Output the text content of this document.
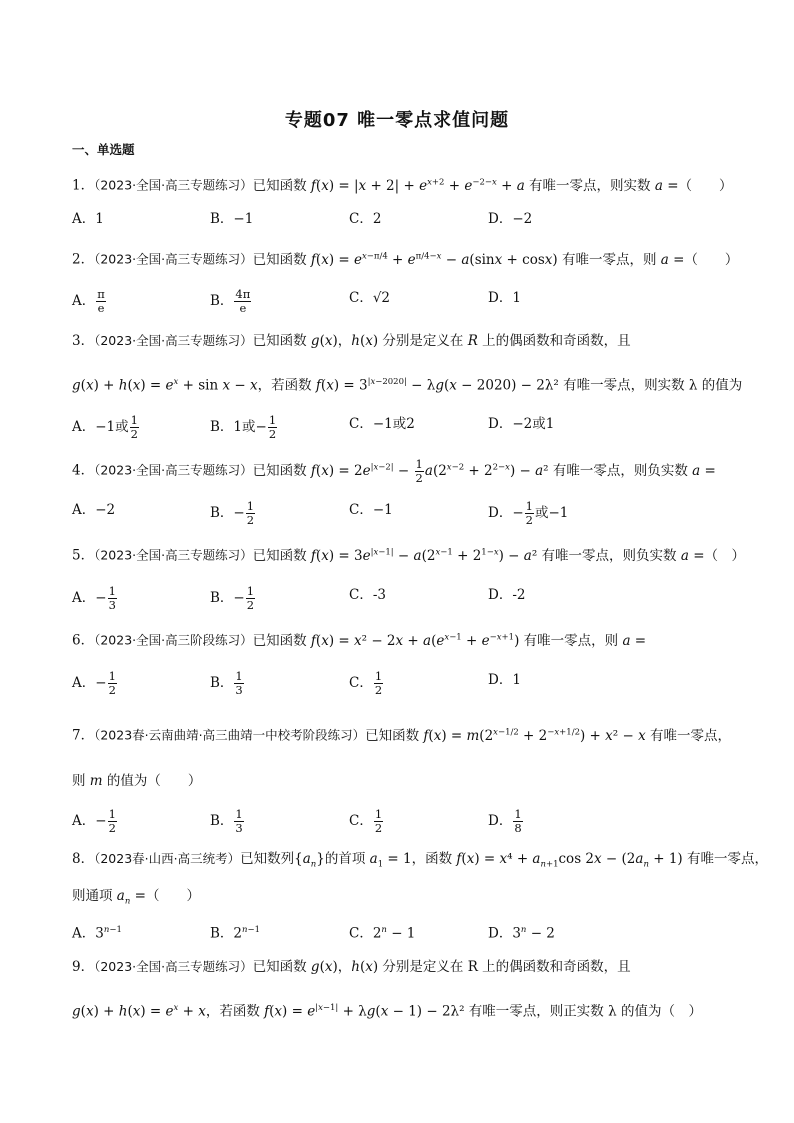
专题07 唯一零点求值问题
一、单选题
1．（2023·全国·高三专题练习）已知函数 $f(x) = |x + 2| + e^{x+2} + e^{-2-x} + a$ 有唯一零点，则实数 a =（　　）
A．1	B．−1	C．2	D．−2
2．（2023·全国·高三专题练习）已知函数 $f(x) = e^{x-\pi/4} + e^{\pi/4-x} - a(\sin x + \cos x)$ 有唯一零点，则 a =（　　）
A． $\frac{\pi}{e}$	B． $\frac{4\pi}{e}$	C．√2	D．1
3．（2023·全国·高三专题练习）已知函数 g(x)，h(x) 分别是定义在 R 上的偶函数和奇函数，且
$g(x) + h(x) = e^x + \sin x - x$，若函数 $f(x) = 3^{|x-2020|} - \lambda g(x - 2020) - 2\lambda^2$ 有唯一零点，则实数 λ 的值为
A．−1或 $\frac{1}{2}$	B．1或− $\frac{1}{2}$	C．−1或2	D．−2或1
4．（2023·全国·高三专题练习）已知函数 $f(x) = 2e^{|x-2|} - \frac{1}{2} a(2^{x-2} + 2^{2-x}) - a^2$ 有唯一零点，则负实数 a =
A．−2	B．− $\frac{1}{2}$	C．−1	D．− $\frac{1}{2}$ 或−1
5．（2023·全国·高三专题练习）已知函数 $f(x) = 3e^{|x-1|} - a(2^{x-1} + 2^{1-x}) - a^2$ 有唯一零点，则负实数 a =（　）
A．− $\frac{1}{3}$	B．− $\frac{1}{2}$	C．-3	D．-2
6．（2023·全国·高三阶段练习）已知函数 $f(x) = x^2 - 2x + a(e^{x-1} + e^{-x+1})$ 有唯一零点，则 a =
A．− $\frac{1}{2}$	B． $\frac{1}{3}$	C． $\frac{1}{2}$	D．1
7．（2023春·云南曲靖·高三曲靖一中校考阶段练习）已知函数 $f(x) = m(2^{x-1/2} + 2^{-x+1/2}) + x^2 - x$ 有唯一零点，
则 m 的值为（　　）
A．− $\frac{1}{2}$	B． $\frac{1}{3}$	C． $\frac{1}{2}$	D． $\frac{1}{8}$
8．（2023春·山西·高三统考）已知数列$\{a_n\}$的首项 $a_1 = 1$，函数 $f(x) = x^4 + a_{n+1}\cos$ $2x - (2a_n + 1)$ 有唯一零点，
则通项 $a_n$ =（　　）
A．$3^{n-1}$	B．$2^{n-1}$	C．$2^n - 1$	D．$3^n - 2$
9．（2023·全国·高三专题练习）已知函数 g(x)，h(x) 分别是定义在 R 上的偶函数和奇函数，且
$g(x) + h(x) = e^x + x$，若函数 $f(x) = e^{|x-1|} + \lambda g(x - 1) - 2\lambda^2$ 有唯一零点，则正实数 λ 的值为（　）
